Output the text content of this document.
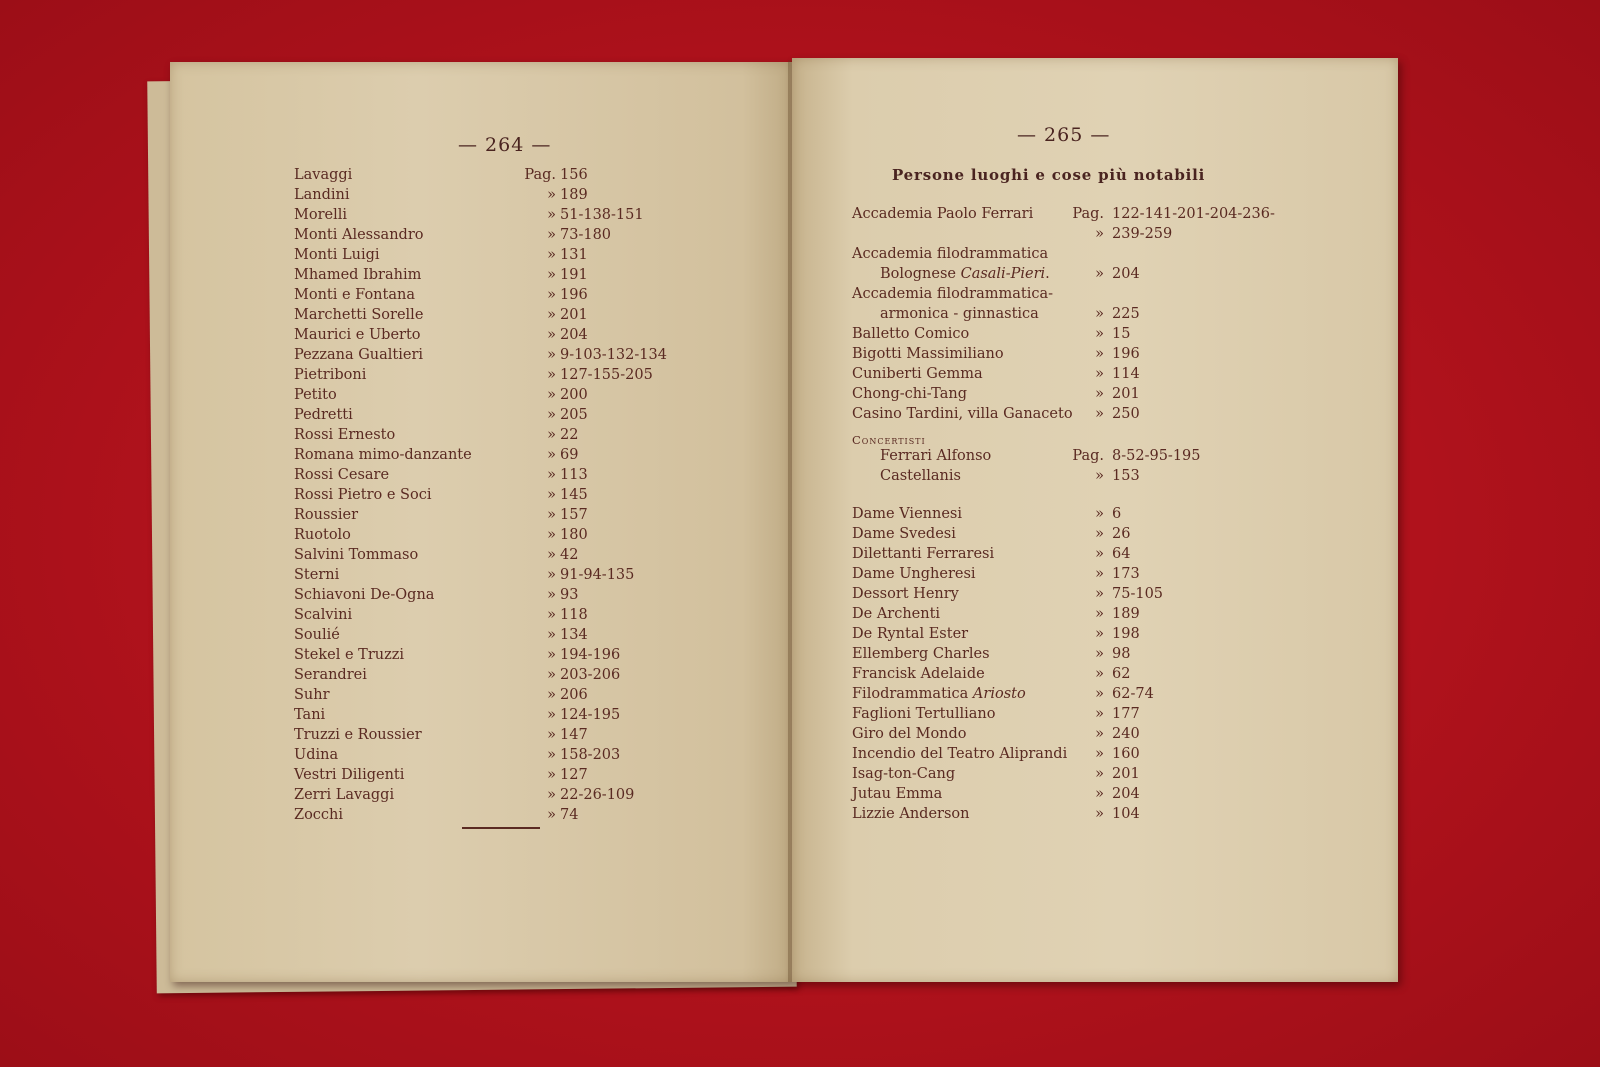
— 264 —
Lavaggi	Pag. 156
Landini	» 189
Morelli	» 51-138-151
Monti Alessandro	» 73-180
Monti Luigi	» 131
Mhamed Ibrahim	» 191
Monti e Fontana	» 196
Marchetti Sorelle	» 201
Maurici e Uberto	» 204
Pezzana Gualtieri	» 9-103-132-134
Pietriboni	» 127-155-205
Petito	» 200
Pedretti	» 205
Rossi Ernesto	» 22
Romana mimo-danzante	» 69
Rossi Cesare	» 113
Rossi Pietro e Soci	» 145
Roussier	» 157
Ruotolo	» 180
Salvini Tommaso	» 42
Sterni	» 91-94-135
Schiavoni De-Ogna	» 93
Scalvini	» 118
Soulié	» 134
Stekel e Truzzi	» 194-196
Serandrei	» 203-206
Suhr	» 206
Tani	» 124-195
Truzzi e Roussier	» 147
Udina	» 158-203
Vestri Diligenti	» 127
Zerri Lavaggi	» 22-26-109
Zocchi	» 74
— 265 —
Persone luoghi e cose più notabili
Accademia Paolo Ferrari	Pag. 122-141-201-204-236-
» 239-259
Accademia filodrammatica
Bolognese Casali-Pieri.	» 204
Accademia filodrammatica-
armonica - ginnastica	» 225
Balletto Comico	» 15
Bigotti Massimiliano	» 196
Cuniberti Gemma	» 114
Chong-chi-Tang	» 201
Casino Tardini, villa Ganaceto	» 250
Concertisti
Ferrari Alfonso	Pag. 8-52-95-195
Castellanis	» 153
Dame Viennesi	» 6
Dame Svedesi	» 26
Dilettanti Ferraresi	» 64
Dame Ungheresi	» 173
Dessort Henry	» 75-105
De Archenti	» 189
De Ryntal Ester	» 198
Ellemberg Charles	» 98
Francisk Adelaide	» 62
Filodrammatica Ariosto	» 62-74
Faglioni Tertulliano	» 177
Giro del Mondo	» 240
Incendio del Teatro Aliprandi	» 160
Isag-ton-Cang	» 201
Jutau Emma	» 204
Lizzie Anderson	» 104
